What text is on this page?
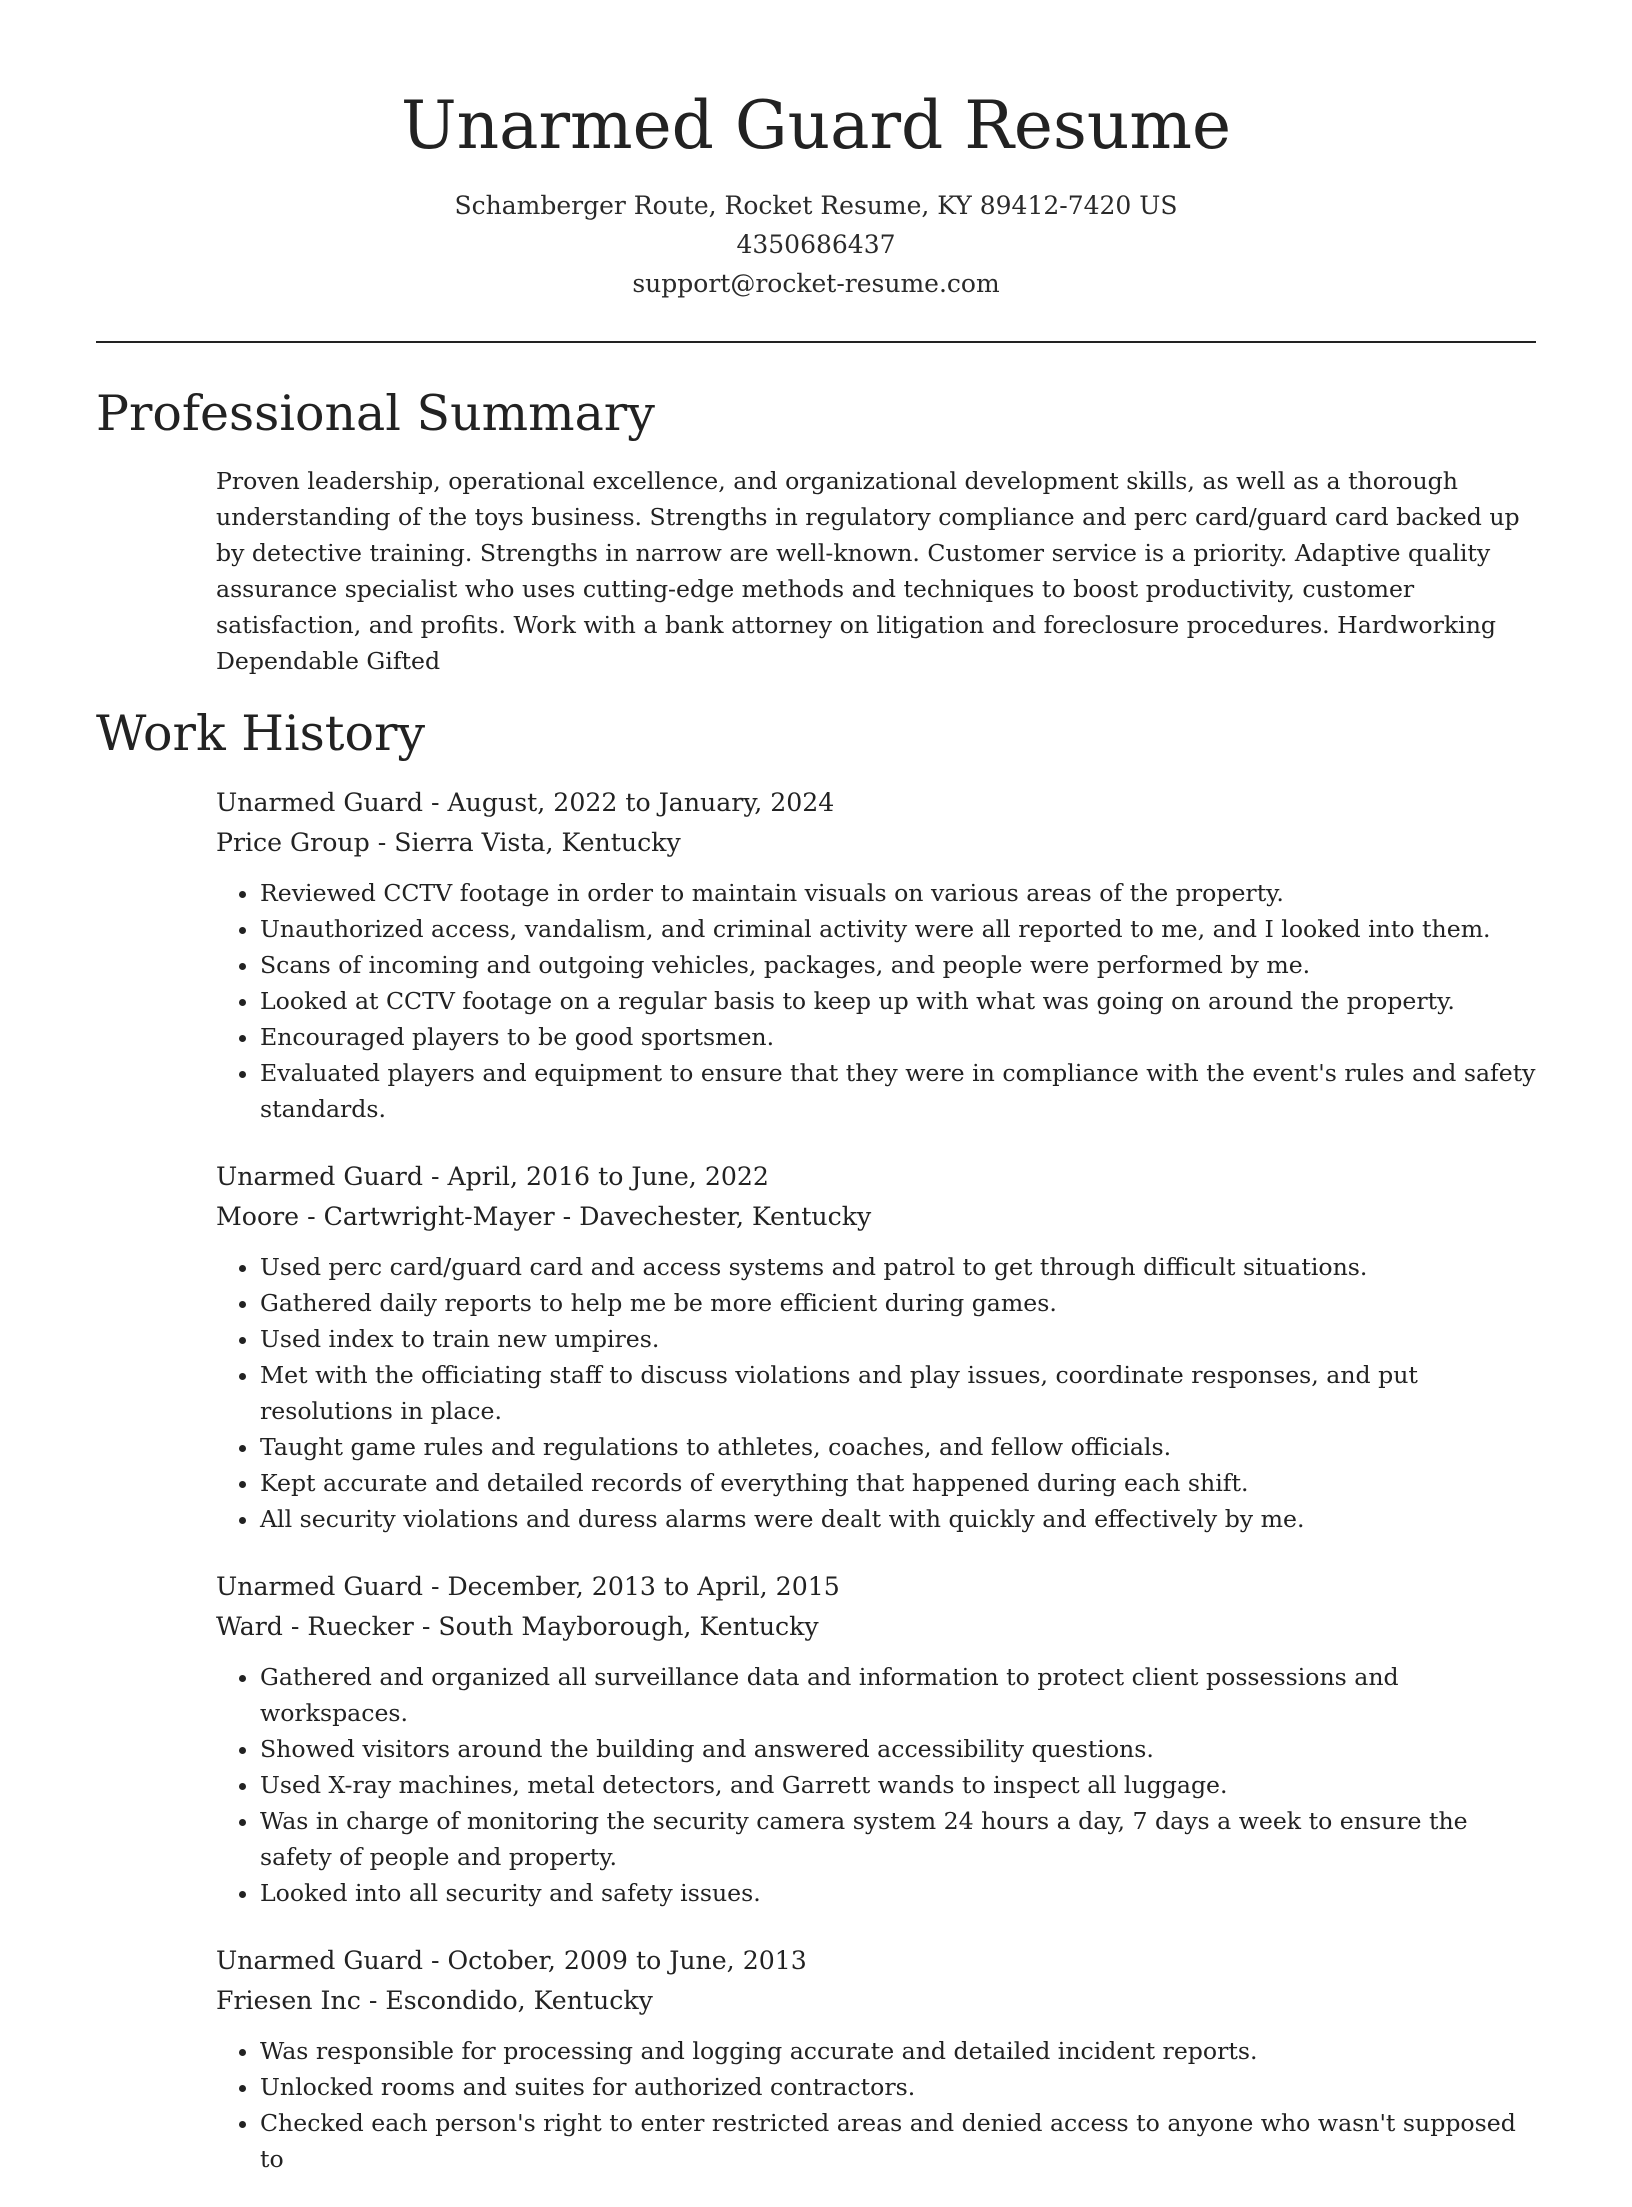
Unarmed Guard Resume
Schamberger Route, Rocket Resume, KY 89412-7420 US
4350686437
support@rocket-resume.com
Professional Summary
Proven leadership, operational excellence, and organizational development skills, as well as a thorough understanding of the toys business. Strengths in regulatory compliance and perc card/guard card backed up by detective training. Strengths in narrow are well-known. Customer service is a priority. Adaptive quality assurance specialist who uses cutting-edge methods and techniques to boost productivity, customer satisfaction, and profits. Work with a bank attorney on litigation and foreclosure procedures. Hardworking Dependable Gifted
Work History
Unarmed Guard - August, 2022 to January, 2024
Price Group - Sierra Vista, Kentucky
• Reviewed CCTV footage in order to maintain visuals on various areas of the property.
• Unauthorized access, vandalism, and criminal activity were all reported to me, and I looked into them.
• Scans of incoming and outgoing vehicles, packages, and people were performed by me.
• Looked at CCTV footage on a regular basis to keep up with what was going on around the property.
• Encouraged players to be good sportsmen.
• Evaluated players and equipment to ensure that they were in compliance with the event's rules and safety standards.
Unarmed Guard - April, 2016 to June, 2022
Moore - Cartwright-Mayer - Davechester, Kentucky
• Used perc card/guard card and access systems and patrol to get through difficult situations.
• Gathered daily reports to help me be more efficient during games.
• Used index to train new umpires.
• Met with the officiating staff to discuss violations and play issues, coordinate responses, and put resolutions in place.
• Taught game rules and regulations to athletes, coaches, and fellow officials.
• Kept accurate and detailed records of everything that happened during each shift.
• All security violations and duress alarms were dealt with quickly and effectively by me.
Unarmed Guard - December, 2013 to April, 2015
Ward - Ruecker - South Mayborough, Kentucky
• Gathered and organized all surveillance data and information to protect client possessions and workspaces.
• Showed visitors around the building and answered accessibility questions.
• Used X-ray machines, metal detectors, and Garrett wands to inspect all luggage.
• Was in charge of monitoring the security camera system 24 hours a day, 7 days a week to ensure the safety of people and property.
• Looked into all security and safety issues.
Unarmed Guard - October, 2009 to June, 2013
Friesen Inc - Escondido, Kentucky
• Was responsible for processing and logging accurate and detailed incident reports.
• Unlocked rooms and suites for authorized contractors.
• Checked each person's right to enter restricted areas and denied access to anyone who wasn't supposed to
